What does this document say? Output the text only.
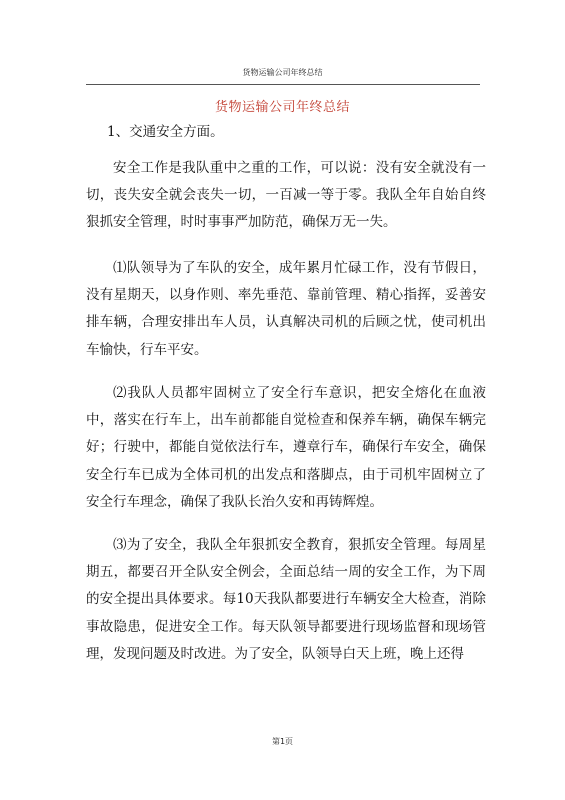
货物运输公司年终总结
货物运输公司年终总结
1、交通安全方面。

安全工作是我队重中之重的工作，可以说：没有安全就没有一切，丧失安全就会丧失一切，一百减一等于零。我队全年自始自终狠抓安全管理，时时事事严加防范，确保万无一失。

⑴队领导为了车队的安全，成年累月忙碌工作，没有节假日，没有星期天，以身作则、率先垂范、靠前管理、精心指挥，妥善安排车辆，合理安排出车人员，认真解决司机的后顾之忧，使司机出车愉快，行车平安。

⑵我队人员都牢固树立了安全行车意识，把安全熔化在血液中，落实在行车上，出车前都能自觉检查和保养车辆，确保车辆完好；行驶中，都能自觉依法行车，遵章行车，确保行车安全，确保安全行车已成为全体司机的出发点和落脚点，由于司机牢固树立了安全行车理念，确保了我队长治久安和再铸辉煌。

⑶为了安全，我队全年狠抓安全教育，狠抓安全管理。每周星期五，都要召开全队安全例会，全面总结一周的安全工作，为下周的安全提出具体要求。每10天我队都要进行车辆安全大检查，消除事故隐患，促进安全工作。每天队领导都要进行现场监督和现场管理，发现问题及时改进。为了安全，队领导白天上班，晚上还得

第1页
